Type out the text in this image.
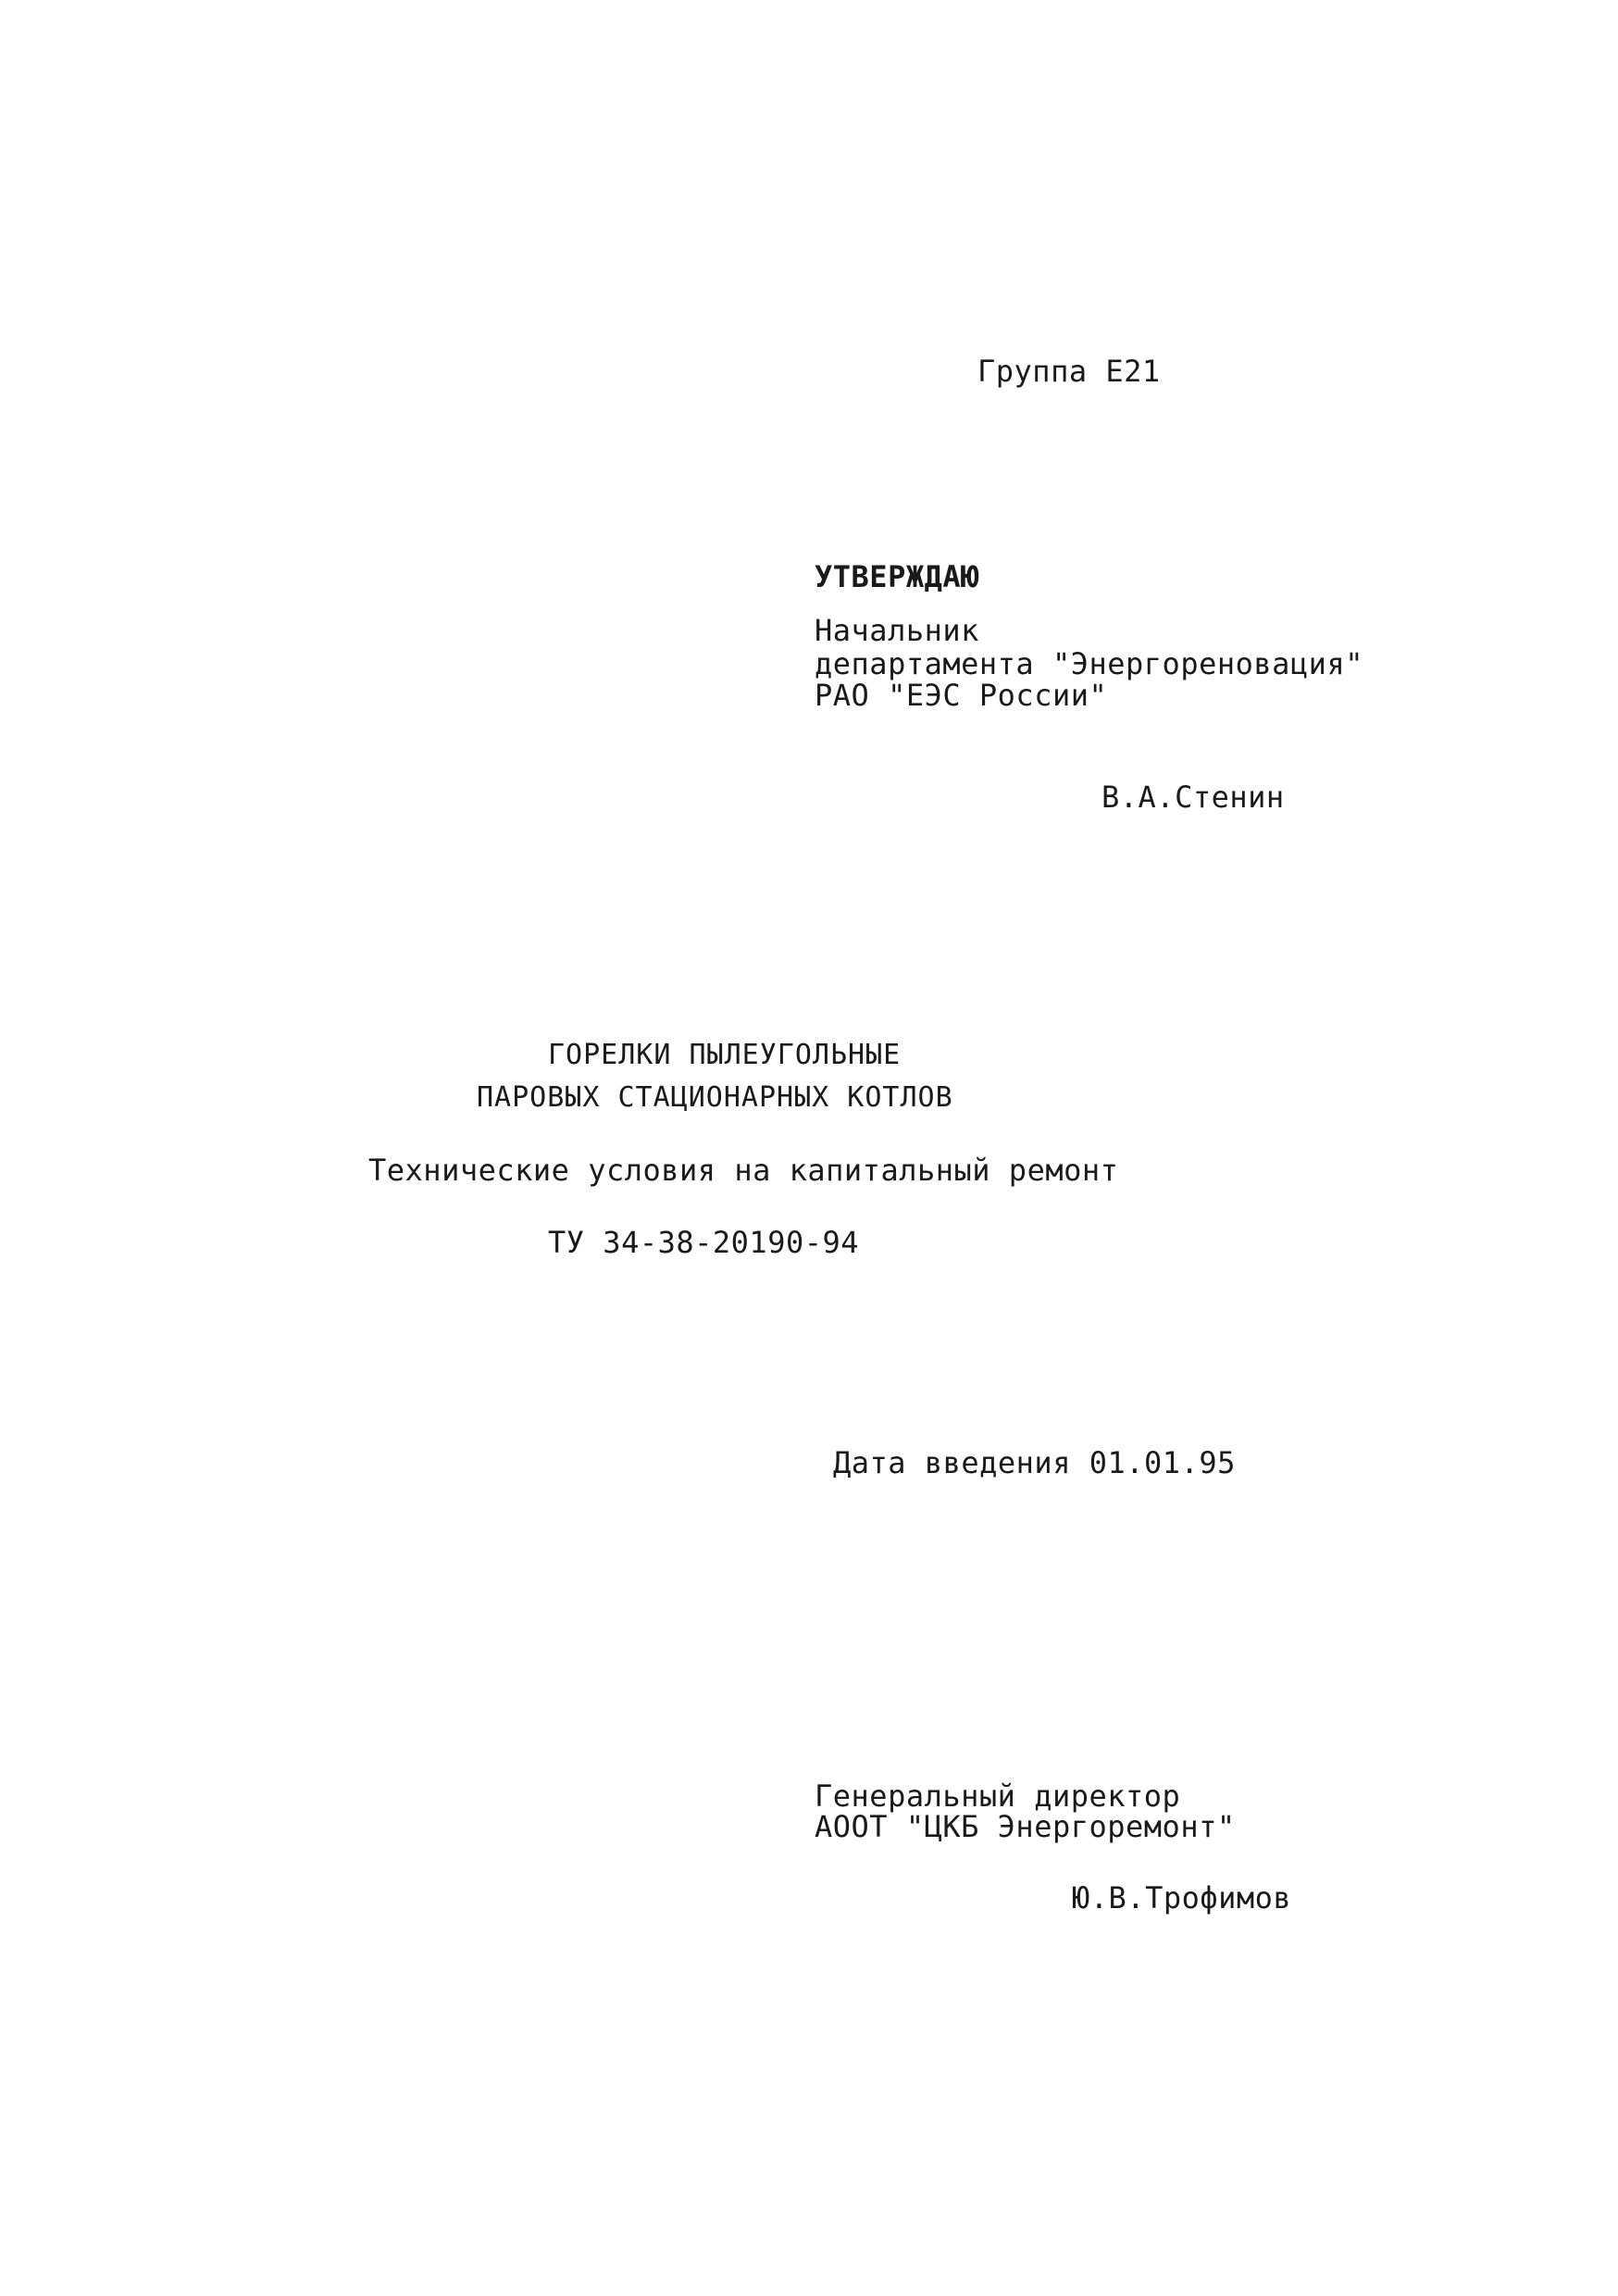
Группа Е21
УТВЕРЖДАЮ
Начальник
департамента "Энергореновация"
РАО "ЕЭС России"
В.А.Стенин
ГОРЕЛКИ ПЫЛЕУГОЛЬНЫЕ
ПАРОВЫХ СТАЦИОНАРНЫХ КОТЛОВ
Технические условия на капитальный ремонт
ТУ 34-38-20190-94
Дата введения 01.01.95
Генеральный директор
АООТ "ЦКБ Энергоремонт"
Ю.В.Трофимов
